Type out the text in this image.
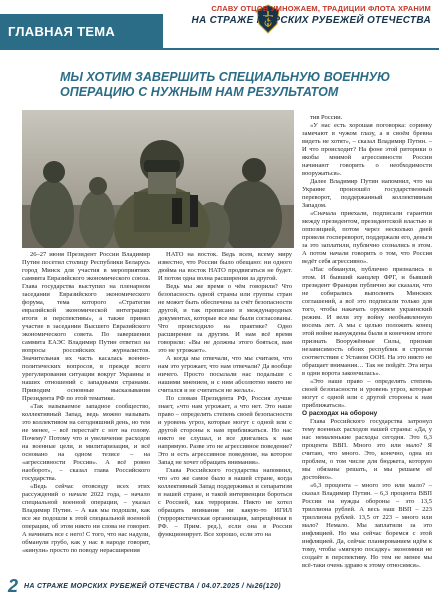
ГЛАВНАЯ ТЕМА
СЛАВУ ОТЦОВ УМНОЖАЕМ, ТРАДИЦИИ ФЛОТА ХРАНИМ
НА СТРАЖЕ МОРСКИХ РУБЕЖЕЙ ОТЕЧЕСТВА
МЫ ХОТИМ ЗАВЕРШИТЬ СПЕЦИАЛЬНУЮ ВОЕННУЮ ОПЕРАЦИЮ С НУЖНЫМ НАМ РЕЗУЛЬТАТОМ

26–27 июня Президент России Владимир Путин посетил столицу Республики Беларусь город Минск для участия в мероприятиях саммита Евразийского экономического союза. Глава государства выступил на пленарном заседании Евразийского экономического форума, тема которого «Стратегия евразийской экономической интеграции: итоги и перспективы», а также принял участие в заседании Высшего Евразийского экономического совета. По завершении саммита ЕАЭС Владимир Путин ответил на вопросы российских журналистов. Значительная их часть касалась военно-политических вопросов, в прежде всего урегулирования ситуации вокруг Украины и наших отношений с западными странами. Приводим основные высказывания Президента РФ по этой тематике.

«Так называемое западное сообщество, коллективный Запад, ведь можно называть это коллективом на сегодняшний день, но тем не менее, – всё перестаёт с нот на голову. Почему? Потому что и увеличение расходов на военные цели, и милитаризация, и всё основано на одном тезисе – на «агрессивности России». А всё ровно наоборот», – сказал глава Российского государства.

«Ведь сейчас отовсюду всех этих рассуждений о начале 2022 года, – начало специальной военной операции, – указал Владимир Путин. – А как мы подошли, как все же подошли к этой специальной военной операции, об этом никто ни слова не говорит. А начинать все с него! С того, что нас надули, обманули грубо, как у нас в народе говорят, «кинули» просто по поводу нерасширения

НАТО на восток. Ведь всем, всему миру известно, что России было обещано: ни одного дюйма на восток НАТО продвигаться не будет. И потом одна волна расширения за другой.

Ведь мы же время о чём говорили? Что безопасность одной страны или группы стран не может быть обеспечена за счёт безопасности другой, и так прописано в международных документах, которые все мы были согласованы. Что происходило на практике? Одно расширение за другим. И нам всё время говорили: «Вы не должны этого бояться, вам это не угрожает».

А когда мы отвечали, что мы считаем, что нам это угрожает, что нам отвечали? Да вообще ничего. Просто посылали нас подальше с нашими мнением, и с ним абсолютно никто не считался и не считаться не желал».

По словам Президента РФ, Россия лучше знает, «что нам угрожает, а что нет. Это наше право – определять степень своей безопасности и уровень угроз, которые могут с одной или с другой стороны к нам приближаться. Но нас никто не слушал, и все двигались к нам напрямую. Разве это не агрессивное поведение? Это и есть агрессивное поведение, на которое Запад не хочет обращать внимания».

Глава Российского государства напомнил, что «то же самое было в нашей стране, когда коллективный Запад поддерживал и сепаратизм в нашей стране, и такой интервенции бороться с Россией, как терроризм. Никто не хотел обращать внимания ни какую-то ИГИЛ (террористическая организация, запрещённая в РФ. – Прим. ред.), если она в России функционирует. Все хорошо, если это на

тив России.

«У нас есть хорошая поговорка: соринку замечают в чужом глазу, а в своём бревна видеть не хотят», – сказал Владимир Путин. – И что происходит? На фоне этой риторики о якобы мнимой агрессивности России начинают говорить о необходимости вооружаться».

Далее Владимир Путин напомнил, что на Украине произошёл государственный переворот, поддержанный коллективным Западом.

«Сначала приехали, подписали гарантии между президентом, президентской властью и оппозицией, потом через несколько дней провели госпереворот, поддержали его, деньги за это заплатили, публично сознались в этом. А потом начали говорить о том, что Россия ведёт себя агрессивно».

«Нас обманули, публично признались в этом. И бывший канцлер ФРГ, и бывший президент Франции публично же сказали, что не собирались выполнять Минских соглашений, а всё это подписали только для того, чтобы накачать оружием украинский режим. И вели эту войну необъявленную восемь лет. А мы с целью положить конец этой войне вынуждены были в конечном итоге признать Вооружённые Силы, признав независимость обоих республик в строгом соответствии с Уставом ООН. На это никто не обращает внимания… Так не пойдёт. Эта игра в одни ворота закончилась».

«Это наше право – определять степень своей безопасности и уровень угроз, которые могут с одной или с другой стороны к нам приближаться».

О расходах на оборону

Глава Российского государства затронул тему военных расходов нашей страны: «Да, у нас немаленькие расходы сегодня. Это 6,3 процента ВВП. Много это или мало? Я считаю, что много. Это, конечно, одна из проблем, о том числе для бюджета, которую мы обязаны решать, и мы решаем её достойно».

«6,3 процента – много это или мало? – сказал Владимир Путин. – 6,3 процента ВВП России на нужды обороны – это 13,5 триллиона рублей. А весь наш ВВП – 223 триллиона рублей. 13,5 от 223 – много или мало? Немало. Мы заплатили за это инфляцией. Но мы сейчас боремся с этой инфляцией. Да, сейчас планированием идём к тому, чтобы «мягкую посадку» экономики не создаёт в перспективу. Но тем не менее мы всё-таки очень здраво к этому относимся».

2 НА СТРАЖЕ МОРСКИХ РУБЕЖЕЙ ОТЕЧЕСТВА / 04.07.2025 / №26(120)
